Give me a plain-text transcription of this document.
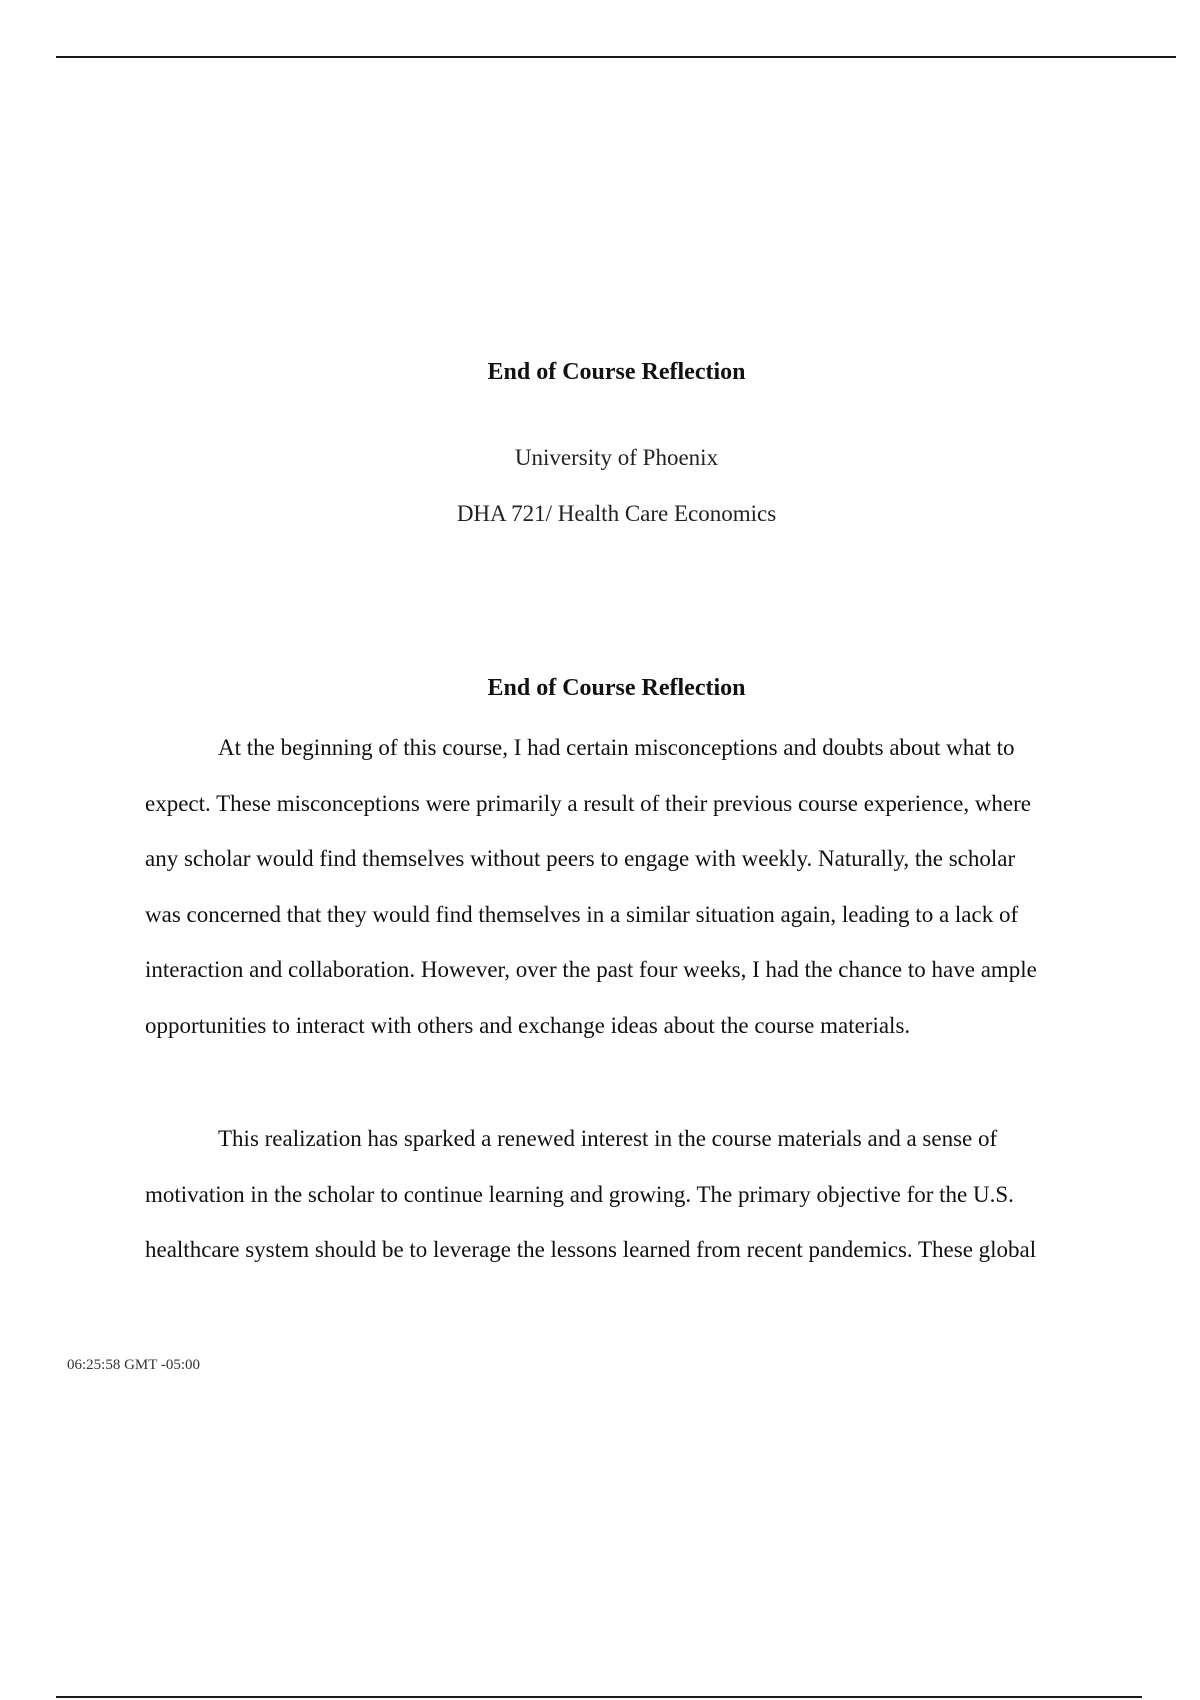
End of Course Reflection
University of Phoenix
DHA 721/ Health Care Economics
End of Course Reflection

At the beginning of this course, I had certain misconceptions and doubts about what to
expect. These misconceptions were primarily a result of their previous course experience, where
any scholar would find themselves without peers to engage with weekly. Naturally, the scholar
was concerned that they would find themselves in a similar situation again, leading to a lack of
interaction and collaboration. However, over the past four weeks, I had the chance to have ample
opportunities to interact with others and exchange ideas about the course materials.

This realization has sparked a renewed interest in the course materials and a sense of
motivation in the scholar to continue learning and growing. The primary objective for the U.S.
healthcare system should be to leverage the lessons learned from recent pandemics. These global

06:25:58 GMT -05:00
